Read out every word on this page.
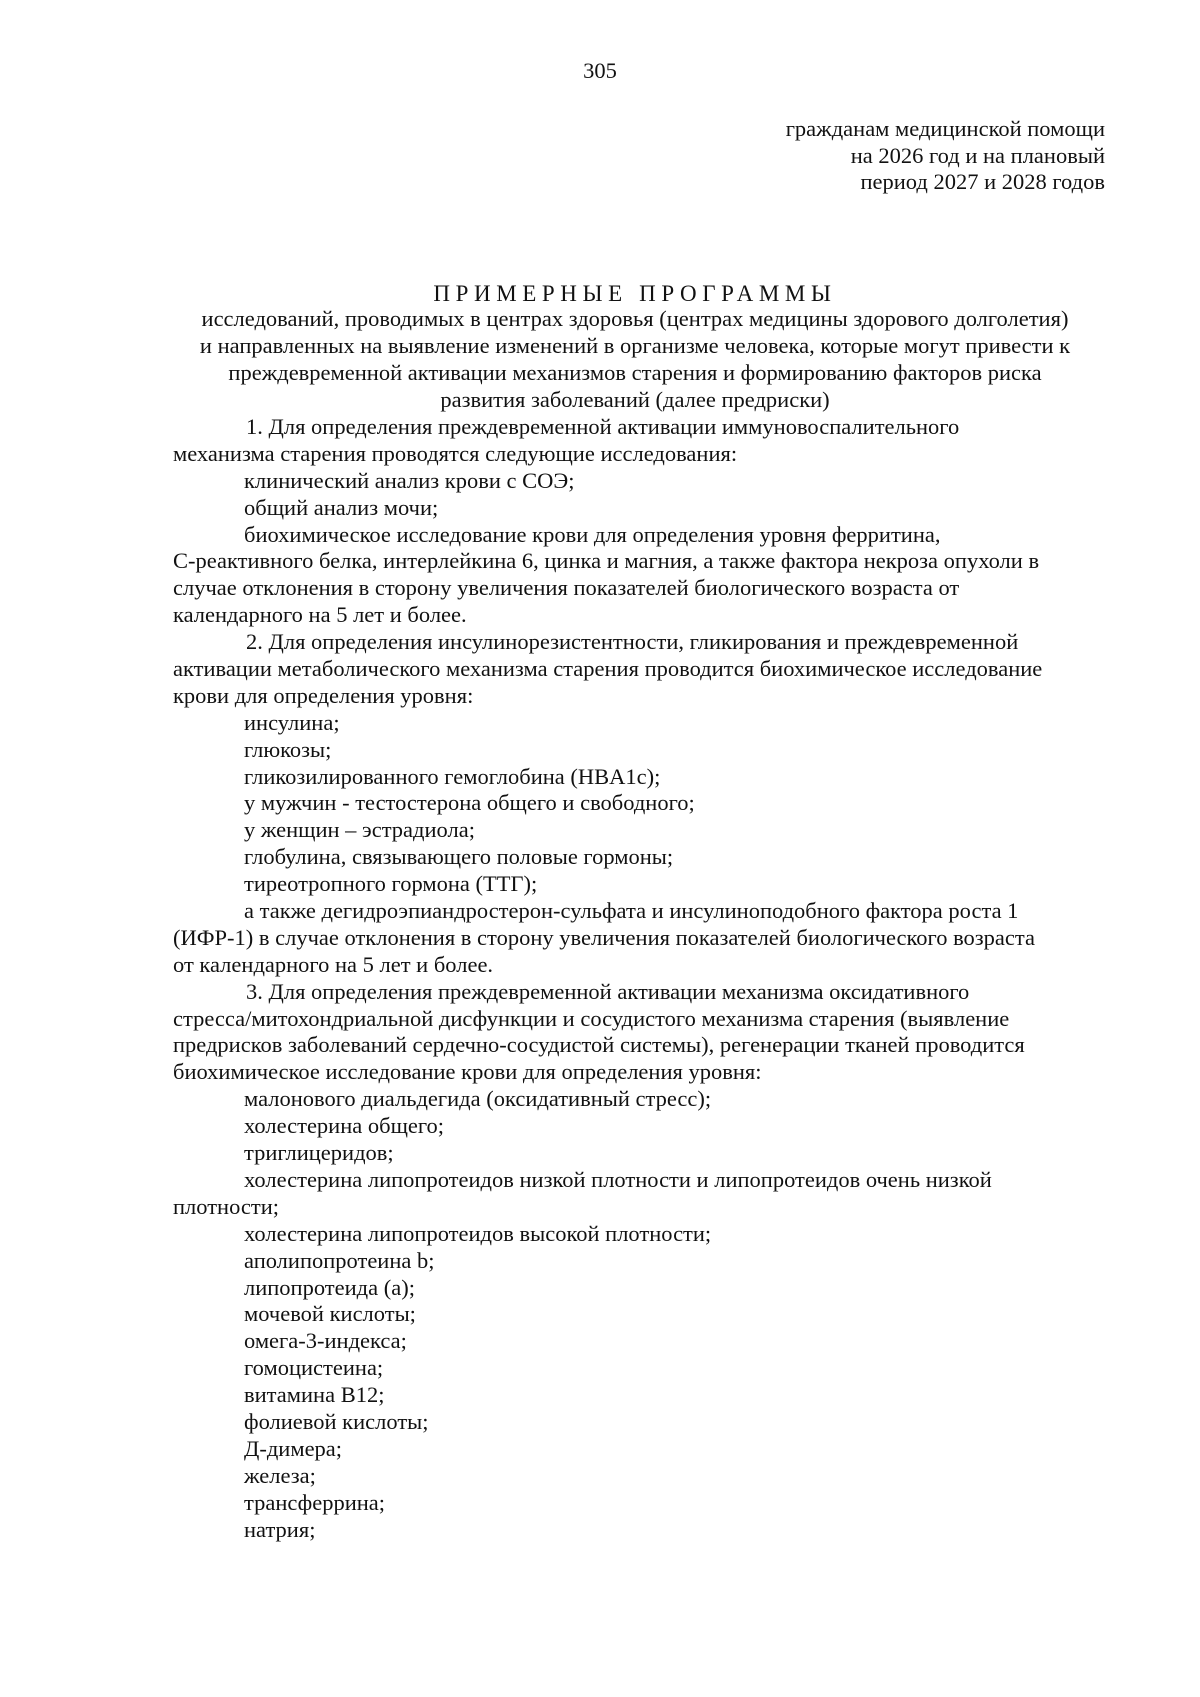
305
гражданам медицинской помощи
на 2026 год и на плановый
период 2027 и 2028 годов
ПРИМЕРНЫЕ ПРОГРАММЫ
исследований, проводимых в центрах здоровья (центрах медицины здорового долголетия)
и направленных на выявление изменений в организме человека, которые могут привести к
преждевременной активации механизмов старения и формированию факторов риска
развития заболеваний (далее предриски)
1. Для определения преждевременной активации иммуновоспалительного
механизма старения проводятся следующие исследования:
клинический анализ крови с СОЭ;
общий анализ мочи;
биохимическое исследование крови для определения уровня ферритина,
С-реактивного белка, интерлейкина 6, цинка и магния, а также фактора некроза опухоли в
случае отклонения в сторону увеличения показателей биологического возраста от
календарного на 5 лет и более.
2. Для определения инсулинорезистентности, гликирования и преждевременной
активации метаболического механизма старения проводится биохимическое исследование
крови для определения уровня:
инсулина;
глюкозы;
гликозилированного гемоглобина (HBA1c);
у мужчин - тестостерона общего и свободного;
у женщин – эстрадиола;
глобулина, связывающего половые гормоны;
тиреотропного гормона (ТТГ);
а также дегидроэпиандростерон-сульфата и инсулиноподобного фактора роста 1
(ИФР-1) в случае отклонения в сторону увеличения показателей биологического возраста
от календарного на 5 лет и более.
3. Для определения преждевременной активации механизма оксидативного
стресса/митохондриальной дисфункции и сосудистого механизма старения (выявление
предрисков заболеваний сердечно-сосудистой системы), регенерации тканей проводится
биохимическое исследование крови для определения уровня:
малонового диальдегида (оксидативный стресс);
холестерина общего;
триглицеридов;
холестерина липопротеидов низкой плотности и липопротеидов очень низкой
плотности;
холестерина липопротеидов высокой плотности;
аполипопротеина b;
липопротеида (а);
мочевой кислоты;
омега-3-индекса;
гомоцистеина;
витамина В12;
фолиевой кислоты;
Д-димера;
железа;
трансферрина;
натрия;
